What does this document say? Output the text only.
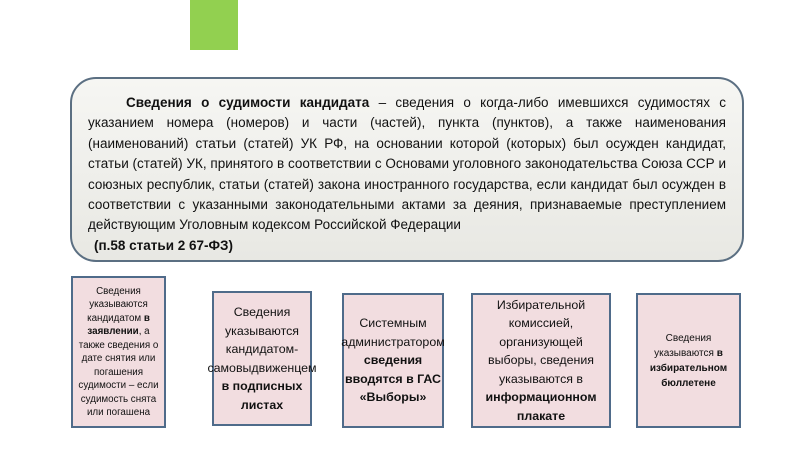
Сведения о судимости кандидата – сведения о когда-либо имевшихся судимостях с указанием номера (номеров) и части (частей), пункта (пунктов), а также наименования (наименований) статьи (статей) УК РФ, на основании которой (которых) был осужден кандидат, статьи (статей) УК, принятого в соответствии с Основами уголовного законодательства Союза ССР и союзных республик, статьи (статей) закона иностранного государства, если кандидат был осужден в соответствии с указанными законодательными актами за деяния, признаваемые преступлением действующим Уголовным кодексом Российской Федерации

(п.58 статьи 2 67-ФЗ)
Сведения указываются кандидатом в заявлении, а также сведения о дате снятия или погашения судимости – если судимость снята или погашена
Сведения указываются кандидатом-самовыдвиженцем в подписных листах
Системным администратором сведения вводятся в ГАС «Выборы»
Избирательной комиссией, организующей выборы, сведения указываются в информационном плакате
Сведения указываются в избирательном бюллетене
